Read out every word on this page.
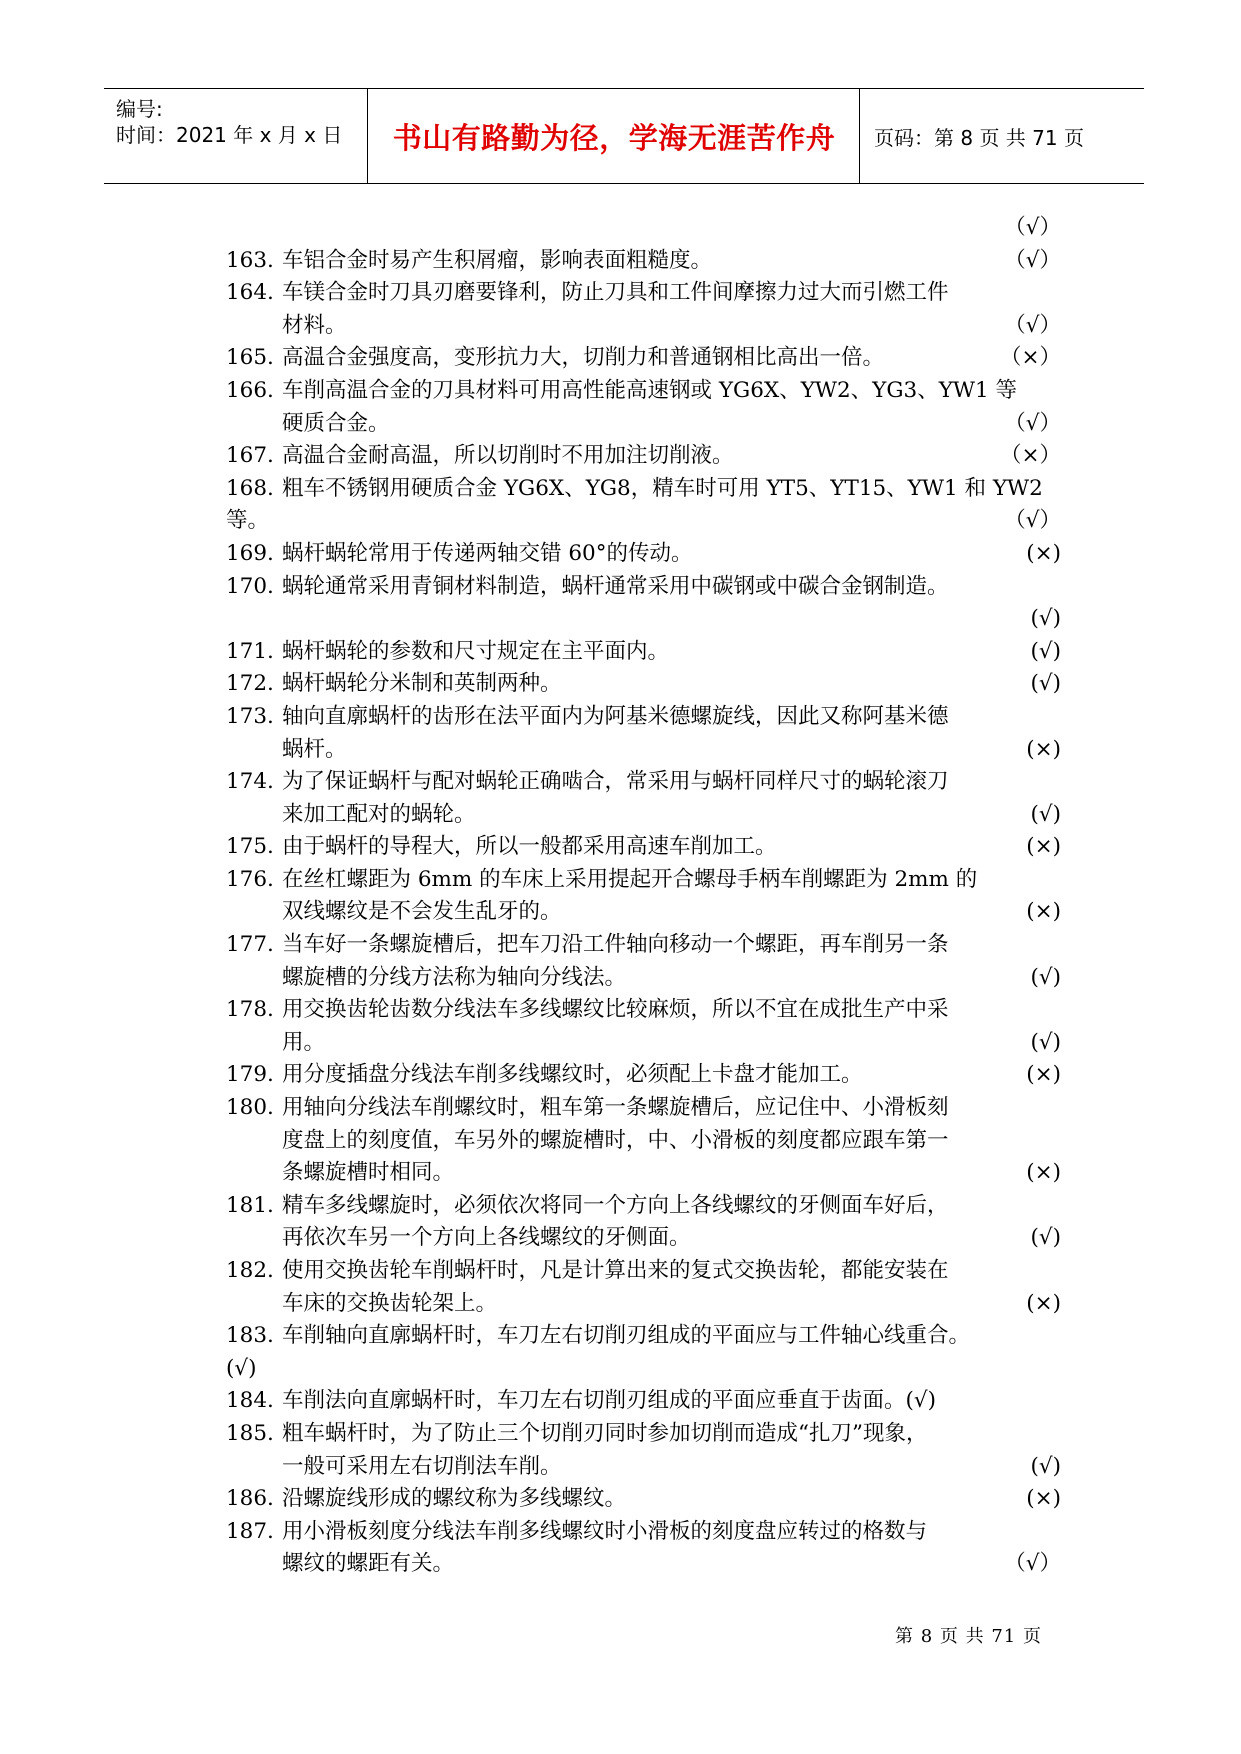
编号:
时间：2021 年 x 月 x 日	书山有路勤为径，学海无涯苦作舟	页码：第 8 页 共 71 页
（√）
163. 车铝合金时易产生积屑瘤，影响表面粗糙度。	（√）
164. 车镁合金时刀具刃磨要锋利，防止刀具和工件间摩擦力过大而引燃工件
材料。	（√）
165. 高温合金强度高，变形抗力大，切削力和普通钢相比高出一倍。	（×）
166. 车削高温合金的刀具材料可用高性能高速钢或 YG6X、YW2、YG3、YW1 等
硬质合金。	（√）
167. 高温合金耐高温，所以切削时不用加注切削液。	（×）
168. 粗车不锈钢用硬质合金 YG6X、YG8，精车时可用 YT5、YT15、YW1 和 YW2
等。	（√）
169. 蜗杆蜗轮常用于传递两轴交错 60°的传动。	(×)
170. 蜗轮通常采用青铜材料制造，蜗杆通常采用中碳钢或中碳合金钢制造。
(√)
171. 蜗杆蜗轮的参数和尺寸规定在主平面内。	(√)
172. 蜗杆蜗轮分米制和英制两种。	(√)
173. 轴向直廓蜗杆的齿形在法平面内为阿基米德螺旋线，因此又称阿基米德
蜗杆。	(×)
174. 为了保证蜗杆与配对蜗轮正确啮合，常采用与蜗杆同样尺寸的蜗轮滚刀
来加工配对的蜗轮。	(√)
175. 由于蜗杆的导程大，所以一般都采用高速车削加工。	(×)
176. 在丝杠螺距为 6mm 的车床上采用提起开合螺母手柄车削螺距为 2mm 的
双线螺纹是不会发生乱牙的。	(×)
177. 当车好一条螺旋槽后，把车刀沿工件轴向移动一个螺距，再车削另一条
螺旋槽的分线方法称为轴向分线法。	(√)
178. 用交换齿轮齿数分线法车多线螺纹比较麻烦，所以不宜在成批生产中采
用。	(√)
179. 用分度插盘分线法车削多线螺纹时，必须配上卡盘才能加工。	(×)
180. 用轴向分线法车削螺纹时，粗车第一条螺旋槽后，应记住中、小滑板刻
度盘上的刻度值，车另外的螺旋槽时，中、小滑板的刻度都应跟车第一
条螺旋槽时相同。	(×)
181. 精车多线螺旋时，必须依次将同一个方向上各线螺纹的牙侧面车好后，
再依次车另一个方向上各线螺纹的牙侧面。	(√)
182. 使用交换齿轮车削蜗杆时，凡是计算出来的复式交换齿轮，都能安装在
车床的交换齿轮架上。	(×)
183. 车削轴向直廓蜗杆时，车刀左右切削刃组成的平面应与工件轴心线重合。
(√)
184. 车削法向直廓蜗杆时，车刀左右切削刃组成的平面应垂直于齿面。(√)
185. 粗车蜗杆时，为了防止三个切削刃同时参加切削而造成“扎刀”现象，
一般可采用左右切削法车削。	(√)
186. 沿螺旋线形成的螺纹称为多线螺纹。	(×)
187. 用小滑板刻度分线法车削多线螺纹时小滑板的刻度盘应转过的格数与
螺纹的螺距有关。	（√）
第 8 页 共 71 页
